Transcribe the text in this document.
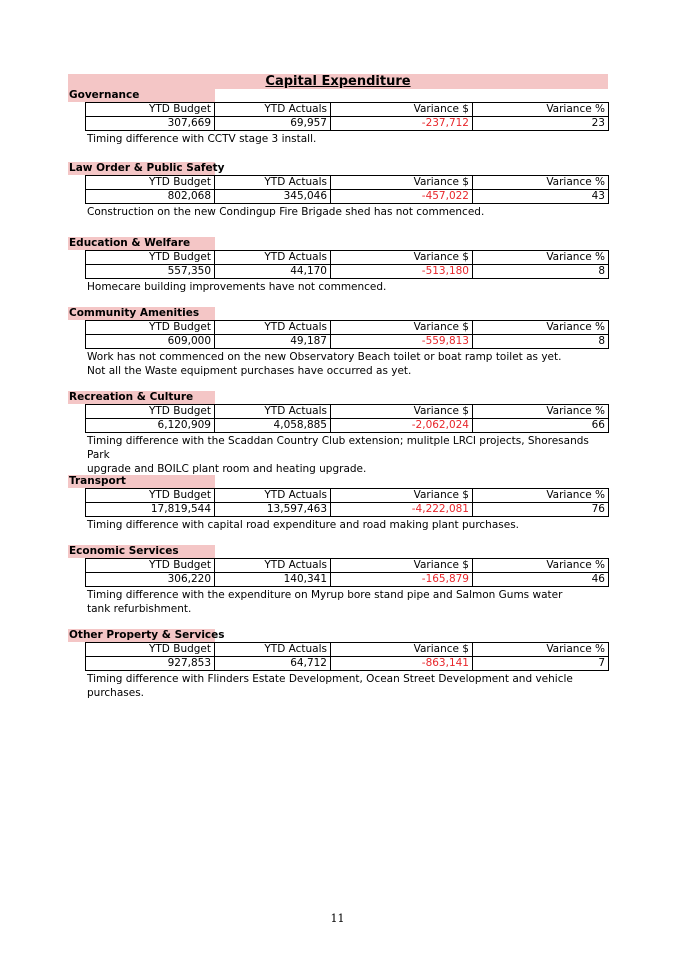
Capital Expenditure
Governance
YTD Budget	YTD Actuals	Variance $	Variance %
307,669	69,957	-237,712	23
Timing difference with CCTV stage 3 install.
Law Order & Public Safety
YTD Budget	YTD Actuals	Variance $	Variance %
802,068	345,046	-457,022	43
Construction on the new Condingup Fire Brigade shed has not commenced.
Education & Welfare
YTD Budget	YTD Actuals	Variance $	Variance %
557,350	44,170	-513,180	8
Homecare building improvements have not commenced.
Community Amenities
YTD Budget	YTD Actuals	Variance $	Variance %
609,000	49,187	-559,813	8
Work has not commenced on the new Observatory Beach toilet or boat ramp toilet as yet.
Not all the Waste equipment purchases have occurred as yet.
Recreation & Culture
YTD Budget	YTD Actuals	Variance $	Variance %
6,120,909	4,058,885	-2,062,024	66
Timing difference with the Scaddan Country Club extension; mulitple LRCI projects, Shoresands Park
upgrade and BOILC plant room and heating upgrade.
Transport
YTD Budget	YTD Actuals	Variance $	Variance %
17,819,544	13,597,463	-4,222,081	76
Timing difference with capital road expenditure and road making plant purchases.
Economic Services
YTD Budget	YTD Actuals	Variance $	Variance %
306,220	140,341	-165,879	46
Timing difference with the expenditure on Myrup bore stand pipe and Salmon Gums water
tank refurbishment.
Other Property & Services
YTD Budget	YTD Actuals	Variance $	Variance %
927,853	64,712	-863,141	7
Timing difference with Flinders Estate Development, Ocean Street Development and vehicle
purchases.
11
